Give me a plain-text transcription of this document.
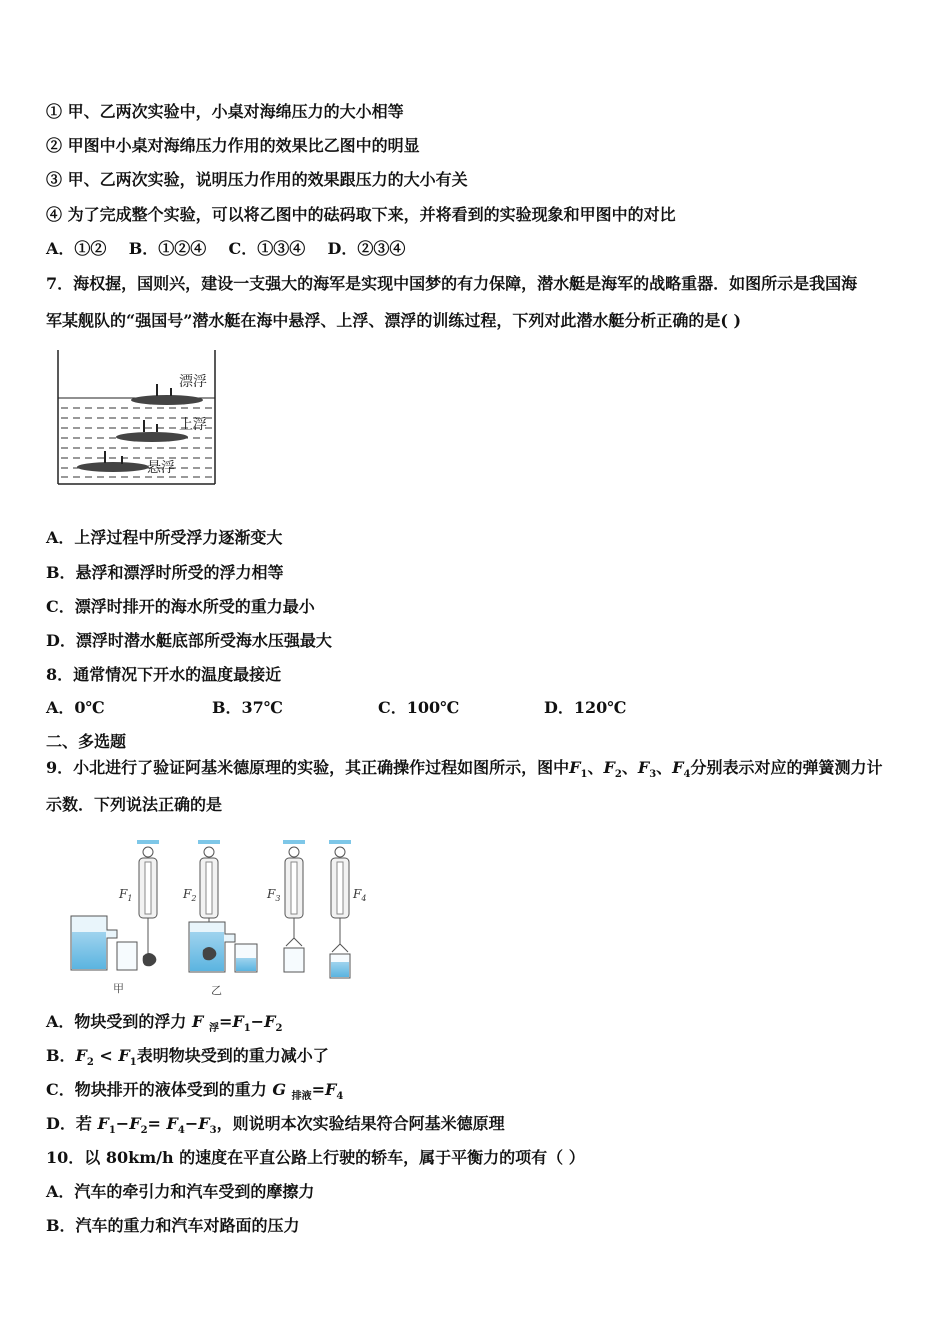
① 甲、乙两次实验中，小桌对海绵压力的大小相等
② 甲图中小桌对海绵压力作用的效果比乙图中的明显
③ 甲、乙两次实验，说明压力作用的效果跟压力的大小有关
④ 为了完成整个实验，可以将乙图中的砝码取下来，并将看到的实验现象和甲图中的对比
A．①②    B．①②④    C．①③④    D．②③④
7．海权握，国则兴，建设一支强大的海军是实现中国梦的有力保障，潜水艇是海军的战略重器．如图所示是我国海
军某舰队的“强国号”潜水艇在海中悬浮、上浮、漂浮的训练过程，下列对此潜水艇分析正确的是( )
漂浮
上浮
悬浮
A．上浮过程中所受浮力逐渐变大
B．悬浮和漂浮时所受的浮力相等
C．漂浮时排开的海水所受的重力最小
D．漂浮时潜水艇底部所受海水压强最大
8．通常情况下开水的温度最接近
A．0℃	B．37℃	C．100℃	D．120℃
二、多选题
9．小北进行了验证阿基米德原理的实验，其正确操作过程如图所示，图中$F_1$、$F_2$、$F_3$、$F_4$分别表示对应的弹簧测力计
示数．下列说法正确的是
$F_1$	$F_2$	$F_3$	$F_4$
甲	乙
A．物块受到的浮力 F $_浮=F_1-F_2$
B．$F_2 < F_1$表明物块受到的重力减小了
C．物块排开的液体受到的重力 G $_{排液}=F_4$
D．若 $F_1-F_2= F_4-F_3$，则说明本次实验结果符合阿基米德原理
10．以 80km/h 的速度在平直公路上行驶的轿车，属于平衡力的项有（ ）
A．汽车的牵引力和汽车受到的摩擦力
B．汽车的重力和汽车对路面的压力
